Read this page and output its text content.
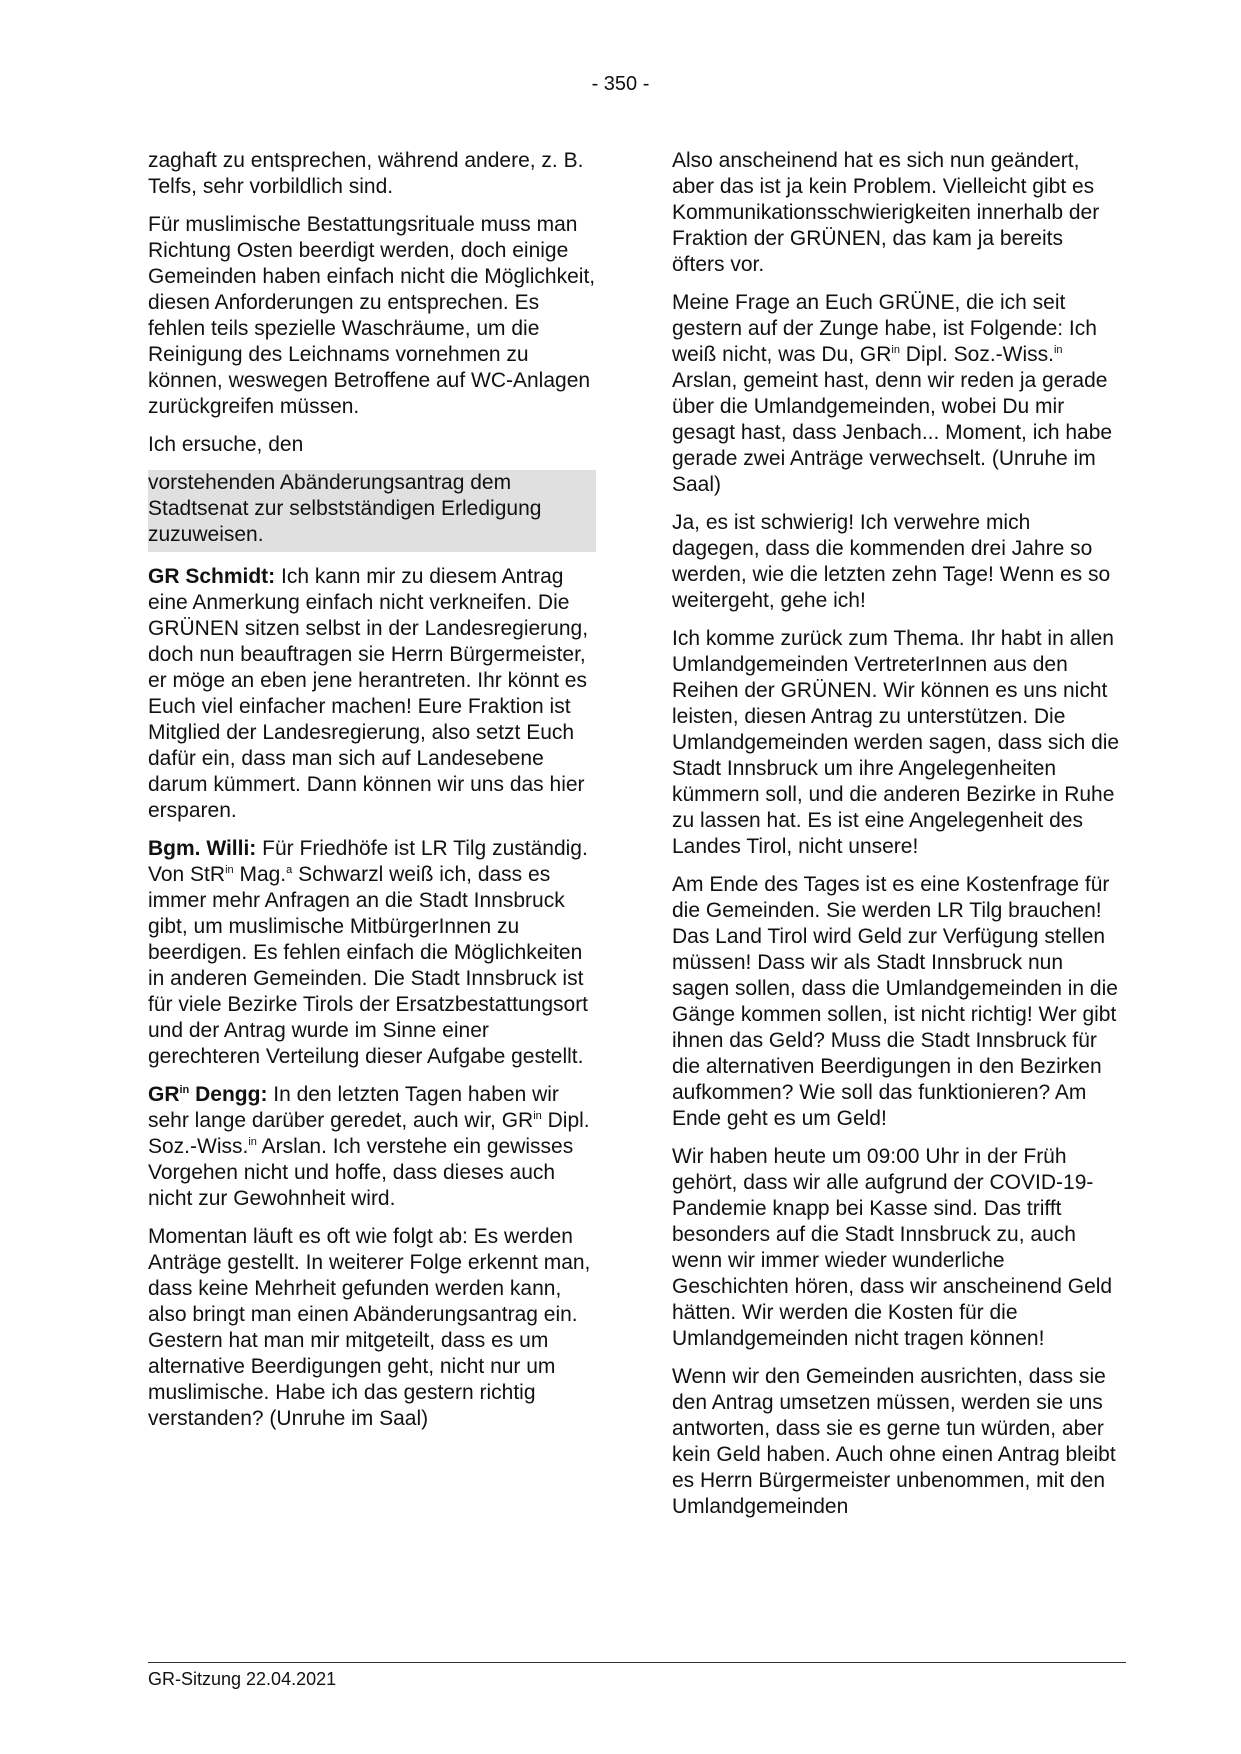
- 350 -

zaghaft zu entsprechen, während andere, z. B. Telfs, sehr vorbildlich sind.

Für muslimische Bestattungsrituale muss man Richtung Osten beerdigt werden, doch einige Gemeinden haben einfach nicht die Möglichkeit, diesen Anforderungen zu entsprechen. Es fehlen teils spezielle Waschräume, um die Reinigung des Leichnams vornehmen zu können, weswegen Betroffene auf WC-Anlagen zurückgreifen müssen.

Ich ersuche, den

vorstehenden Abänderungsantrag dem Stadtsenat zur selbstständigen Erledigung zuzuweisen.

GR Schmidt: Ich kann mir zu diesem Antrag eine Anmerkung einfach nicht verkneifen. Die GRÜNEN sitzen selbst in der Landesregierung, doch nun beauftragen sie Herrn Bürgermeister, er möge an eben jene herantreten. Ihr könnt es Euch viel einfacher machen! Eure Fraktion ist Mitglied der Landesregierung, also setzt Euch dafür ein, dass man sich auf Landesebene darum kümmert. Dann können wir uns das hier ersparen.

Bgm. Willi: Für Friedhöfe ist LR Tilg zuständig. Von StR$^{in}$ Mag.$^a$ Schwarzl weiß ich, dass es immer mehr Anfragen an die Stadt Innsbruck gibt, um muslimische MitbürgerInnen zu beerdigen. Es fehlen einfach die Möglichkeiten in anderen Gemeinden. Die Stadt Innsbruck ist für viele Bezirke Tirols der Ersatzbestattungsort und der Antrag wurde im Sinne einer gerechteren Verteilung dieser Aufgabe gestellt.

$GR^{in}$ Dengg: In den letzten Tagen haben wir sehr lange darüber geredet, auch wir, $GR^{in}$ Dipl. Soz.-Wiss.$^{in}$ Arslan. Ich verstehe ein gewisses Vorgehen nicht und hoffe, dass dieses auch nicht zur Gewohnheit wird.

Momentan läuft es oft wie folgt ab: Es werden Anträge gestellt. In weiterer Folge erkennt man, dass keine Mehrheit gefunden werden kann, also bringt man einen Abänderungsantrag ein. Gestern hat man mir mitgeteilt, dass es um alternative Beerdigungen geht, nicht nur um muslimische. Habe ich das gestern richtig verstanden? (Unruhe im Saal)

Also anscheinend hat es sich nun geändert, aber das ist ja kein Problem. Vielleicht gibt es Kommunikationsschwierigkeiten innerhalb der Fraktion der GRÜNEN, das kam ja bereits öfters vor.

Meine Frage an Euch GRÜNE, die ich seit gestern auf der Zunge habe, ist Folgende: Ich weiß nicht, was Du, $GR^{in}$ Dipl. Soz.-Wiss.$^{in}$ Arslan, gemeint hast, denn wir reden ja gerade über die Umlandgemeinden, wobei Du mir gesagt hast, dass Jenbach... Moment, ich habe gerade zwei Anträge verwechselt. (Unruhe im Saal)

Ja, es ist schwierig! Ich verwehre mich dagegen, dass die kommenden drei Jahre so werden, wie die letzten zehn Tage! Wenn es so weitergeht, gehe ich!

Ich komme zurück zum Thema. Ihr habt in allen Umlandgemeinden VertreterInnen aus den Reihen der GRÜNEN. Wir können es uns nicht leisten, diesen Antrag zu unterstützen. Die Umlandgemeinden werden sagen, dass sich die Stadt Innsbruck um ihre Angelegenheiten kümmern soll, und die anderen Bezirke in Ruhe zu lassen hat. Es ist eine Angelegenheit des Landes Tirol, nicht unsere!

Am Ende des Tages ist es eine Kostenfrage für die Gemeinden. Sie werden LR Tilg brauchen! Das Land Tirol wird Geld zur Verfügung stellen müssen! Dass wir als Stadt Innsbruck nun sagen sollen, dass die Umlandgemeinden in die Gänge kommen sollen, ist nicht richtig! Wer gibt ihnen das Geld? Muss die Stadt Innsbruck für die alternativen Beerdigungen in den Bezirken aufkommen? Wie soll das funktionieren? Am Ende geht es um Geld!

Wir haben heute um 09:00 Uhr in der Früh gehört, dass wir alle aufgrund der COVID-19-Pandemie knapp bei Kasse sind. Das trifft besonders auf die Stadt Innsbruck zu, auch wenn wir immer wieder wunderliche Geschichten hören, dass wir anscheinend Geld hätten. Wir werden die Kosten für die Umlandgemeinden nicht tragen können!

Wenn wir den Gemeinden ausrichten, dass sie den Antrag umsetzen müssen, werden sie uns antworten, dass sie es gerne tun würden, aber kein Geld haben. Auch ohne einen Antrag bleibt es Herrn Bürgermeister unbenommen, mit den Umlandgemeinden

GR-Sitzung 22.04.2021
